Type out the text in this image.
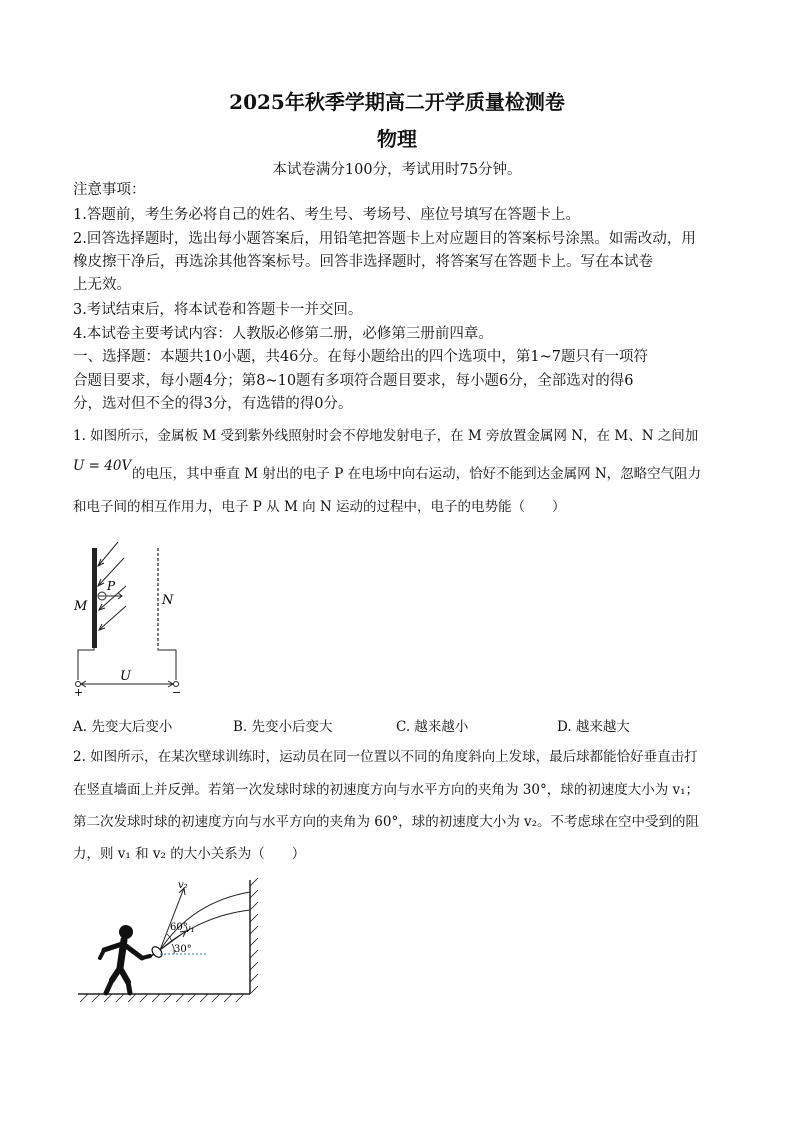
2025年秋季学期高二开学质量检测卷
物理
本试卷满分100分，考试用时75分钟。
注意事项：
1.答题前，考生务必将自己的姓名、考生号、考场号、座位号填写在答题卡上。
2.回答选择题时，选出每小题答案后，用铅笔把答题卡上对应题目的答案标号涂黑。如需改动，用
橡皮擦干净后，再选涂其他答案标号。回答非选择题时，将答案写在答题卡上。写在本试卷
上无效。
3.考试结束后，将本试卷和答题卡一并交回。
4.本试卷主要考试内容：人教版必修第二册，必修第三册前四章。
一、选择题：本题共10小题，共46分。在每小题给出的四个选项中，第1~7题只有一项符
合题目要求，每小题4分；第8~10题有多项符合题目要求，每小题6分，全部选对的得6
分，选对但不全的得3分，有选错的得0分。
1. 如图所示，金属板 M 受到紫外线照射时会不停地发射电子，在 M 旁放置金属网 N，在 M、N 之间加
U = 40V 的电压，其中垂直 M 射出的电子 P 在电场中向右运动，恰好不能到达金属网 N，忽略空气阻力
和电子间的相互作用力，电子 P 从 M 向 N 运动的过程中，电子的电势能（　　）
P
M	N
U
+	−
A. 先变大后变小	B. 先变小后变大	C. 越来越小	D. 越来越大
2. 如图所示，在某次壁球训练时，运动员在同一位置以不同的角度斜向上发球，最后球都能恰好垂直击打
在竖直墙面上并反弹。若第一次发球时球的初速度方向与水平方向的夹角为 30°，球的初速度大小为 v₁；
第二次发球时球的初速度方向与水平方向的夹角为 60°，球的初速度大小为 v₂。不考虑球在空中受到的阻
力，则 v₁ 和 v₂ 的大小关系为（　　）
v₂
v₁
60°
30°
